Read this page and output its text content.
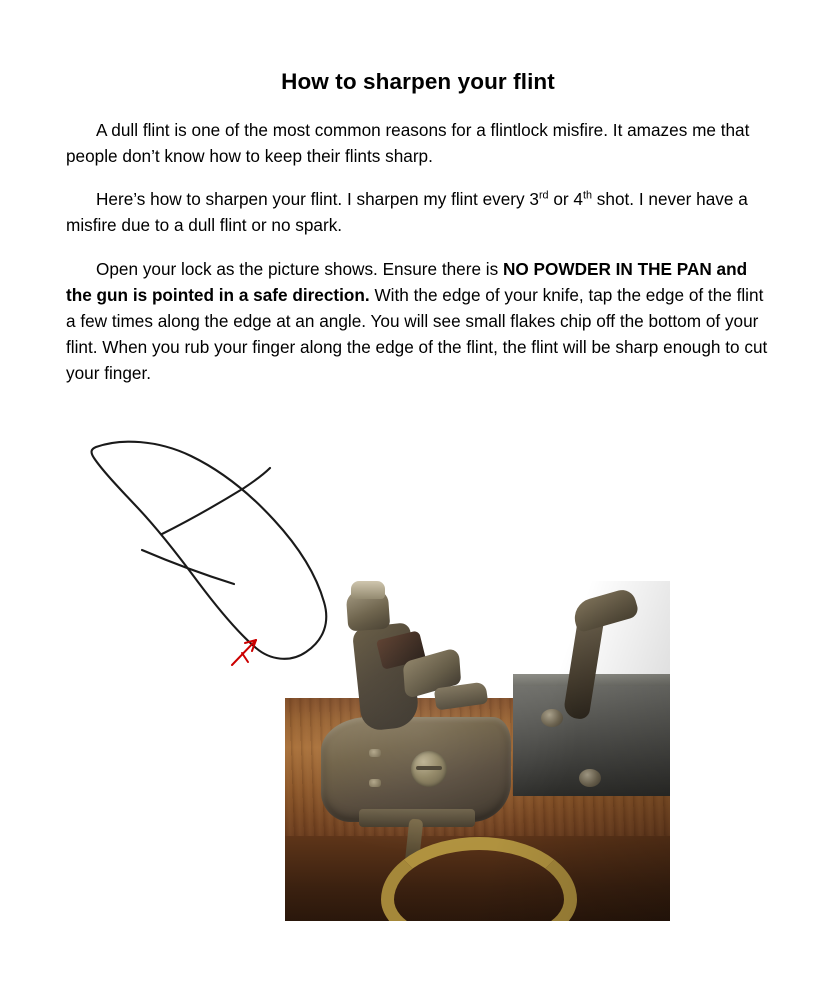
How to sharpen your flint

A dull flint is one of the most common reasons for a flintlock misfire. It amazes me that people don’t know how to keep their flints sharp.

Here’s how to sharpen your flint. I sharpen my flint every 3rd or 4th shot. I never have a misfire due to a dull flint or no spark.

Open your lock as the picture shows. Ensure there is NO POWDER IN THE PAN and the gun is pointed in a safe direction. With the edge of your knife, tap the edge of the flint a few times along the edge at an angle. You will see small flakes chip off the bottom of your flint. When you rub your finger along the edge of the flint, the flint will be sharp enough to cut your finger.
